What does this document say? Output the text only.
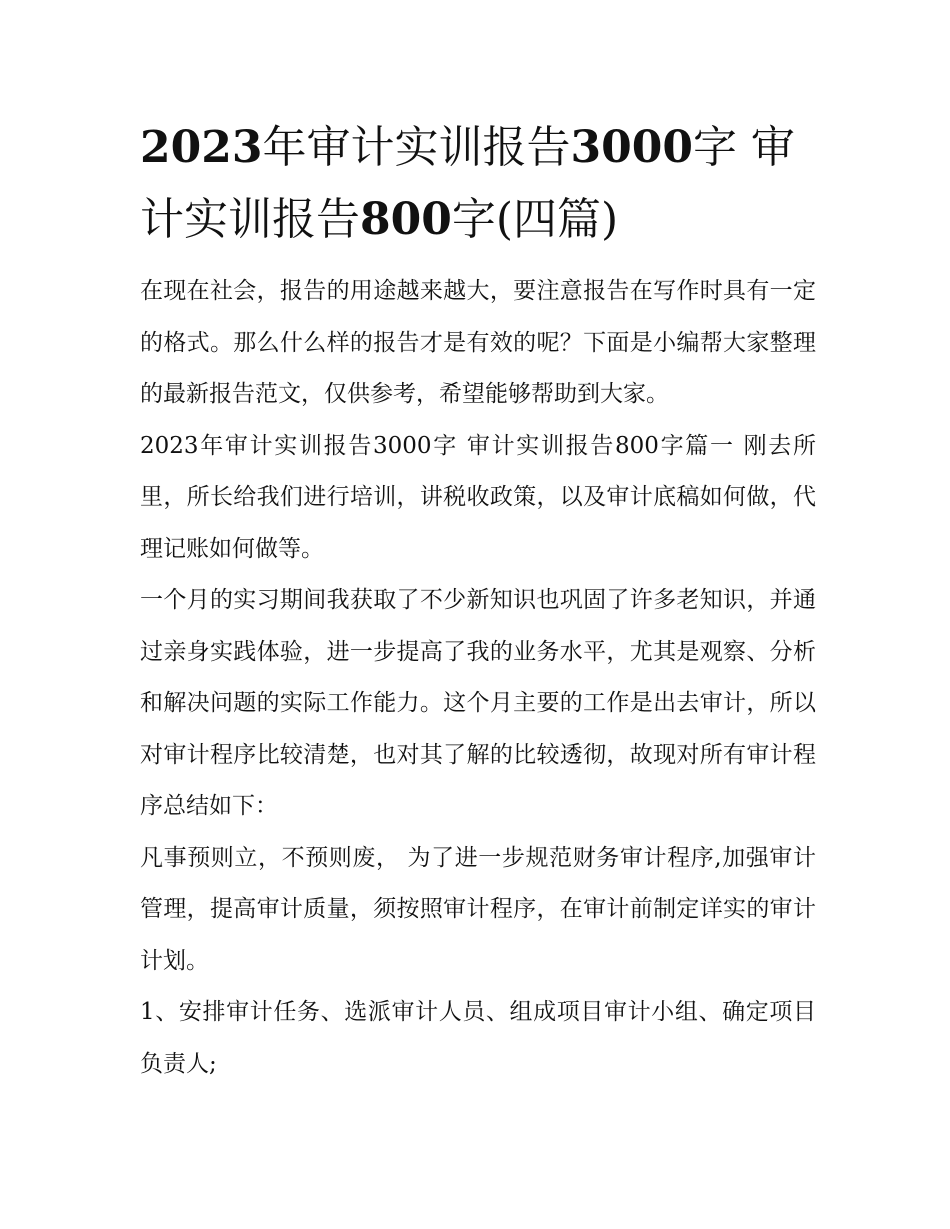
2023年审计实训报告3000字 审计实训报告800字(四篇)

在现在社会，报告的用途越来越大，要注意报告在写作时具有一定的格式。那么什么样的报告才是有效的呢？下面是小编帮大家整理的最新报告范文，仅供参考，希望能够帮助到大家。

2023年审计实训报告3000字 审计实训报告800字篇一 刚去所里，所长给我们进行培训，讲税收政策，以及审计底稿如何做，代理记账如何做等。

一个月的实习期间我获取了不少新知识也巩固了许多老知识，并通过亲身实践体验，进一步提高了我的业务水平，尤其是观察、分析和解决问题的实际工作能力。这个月主要的工作是出去审计，所以对审计程序比较清楚，也对其了解的比较透彻，故现对所有审计程序总结如下：

凡事预则立，不预则废， 为了进一步规范财务审计程序,加强审计管理，提高审计质量，须按照审计程序，在审计前制定详实的审计计划。

1、安排审计任务、选派审计人员、组成项目审计小组、确定项目负责人;
